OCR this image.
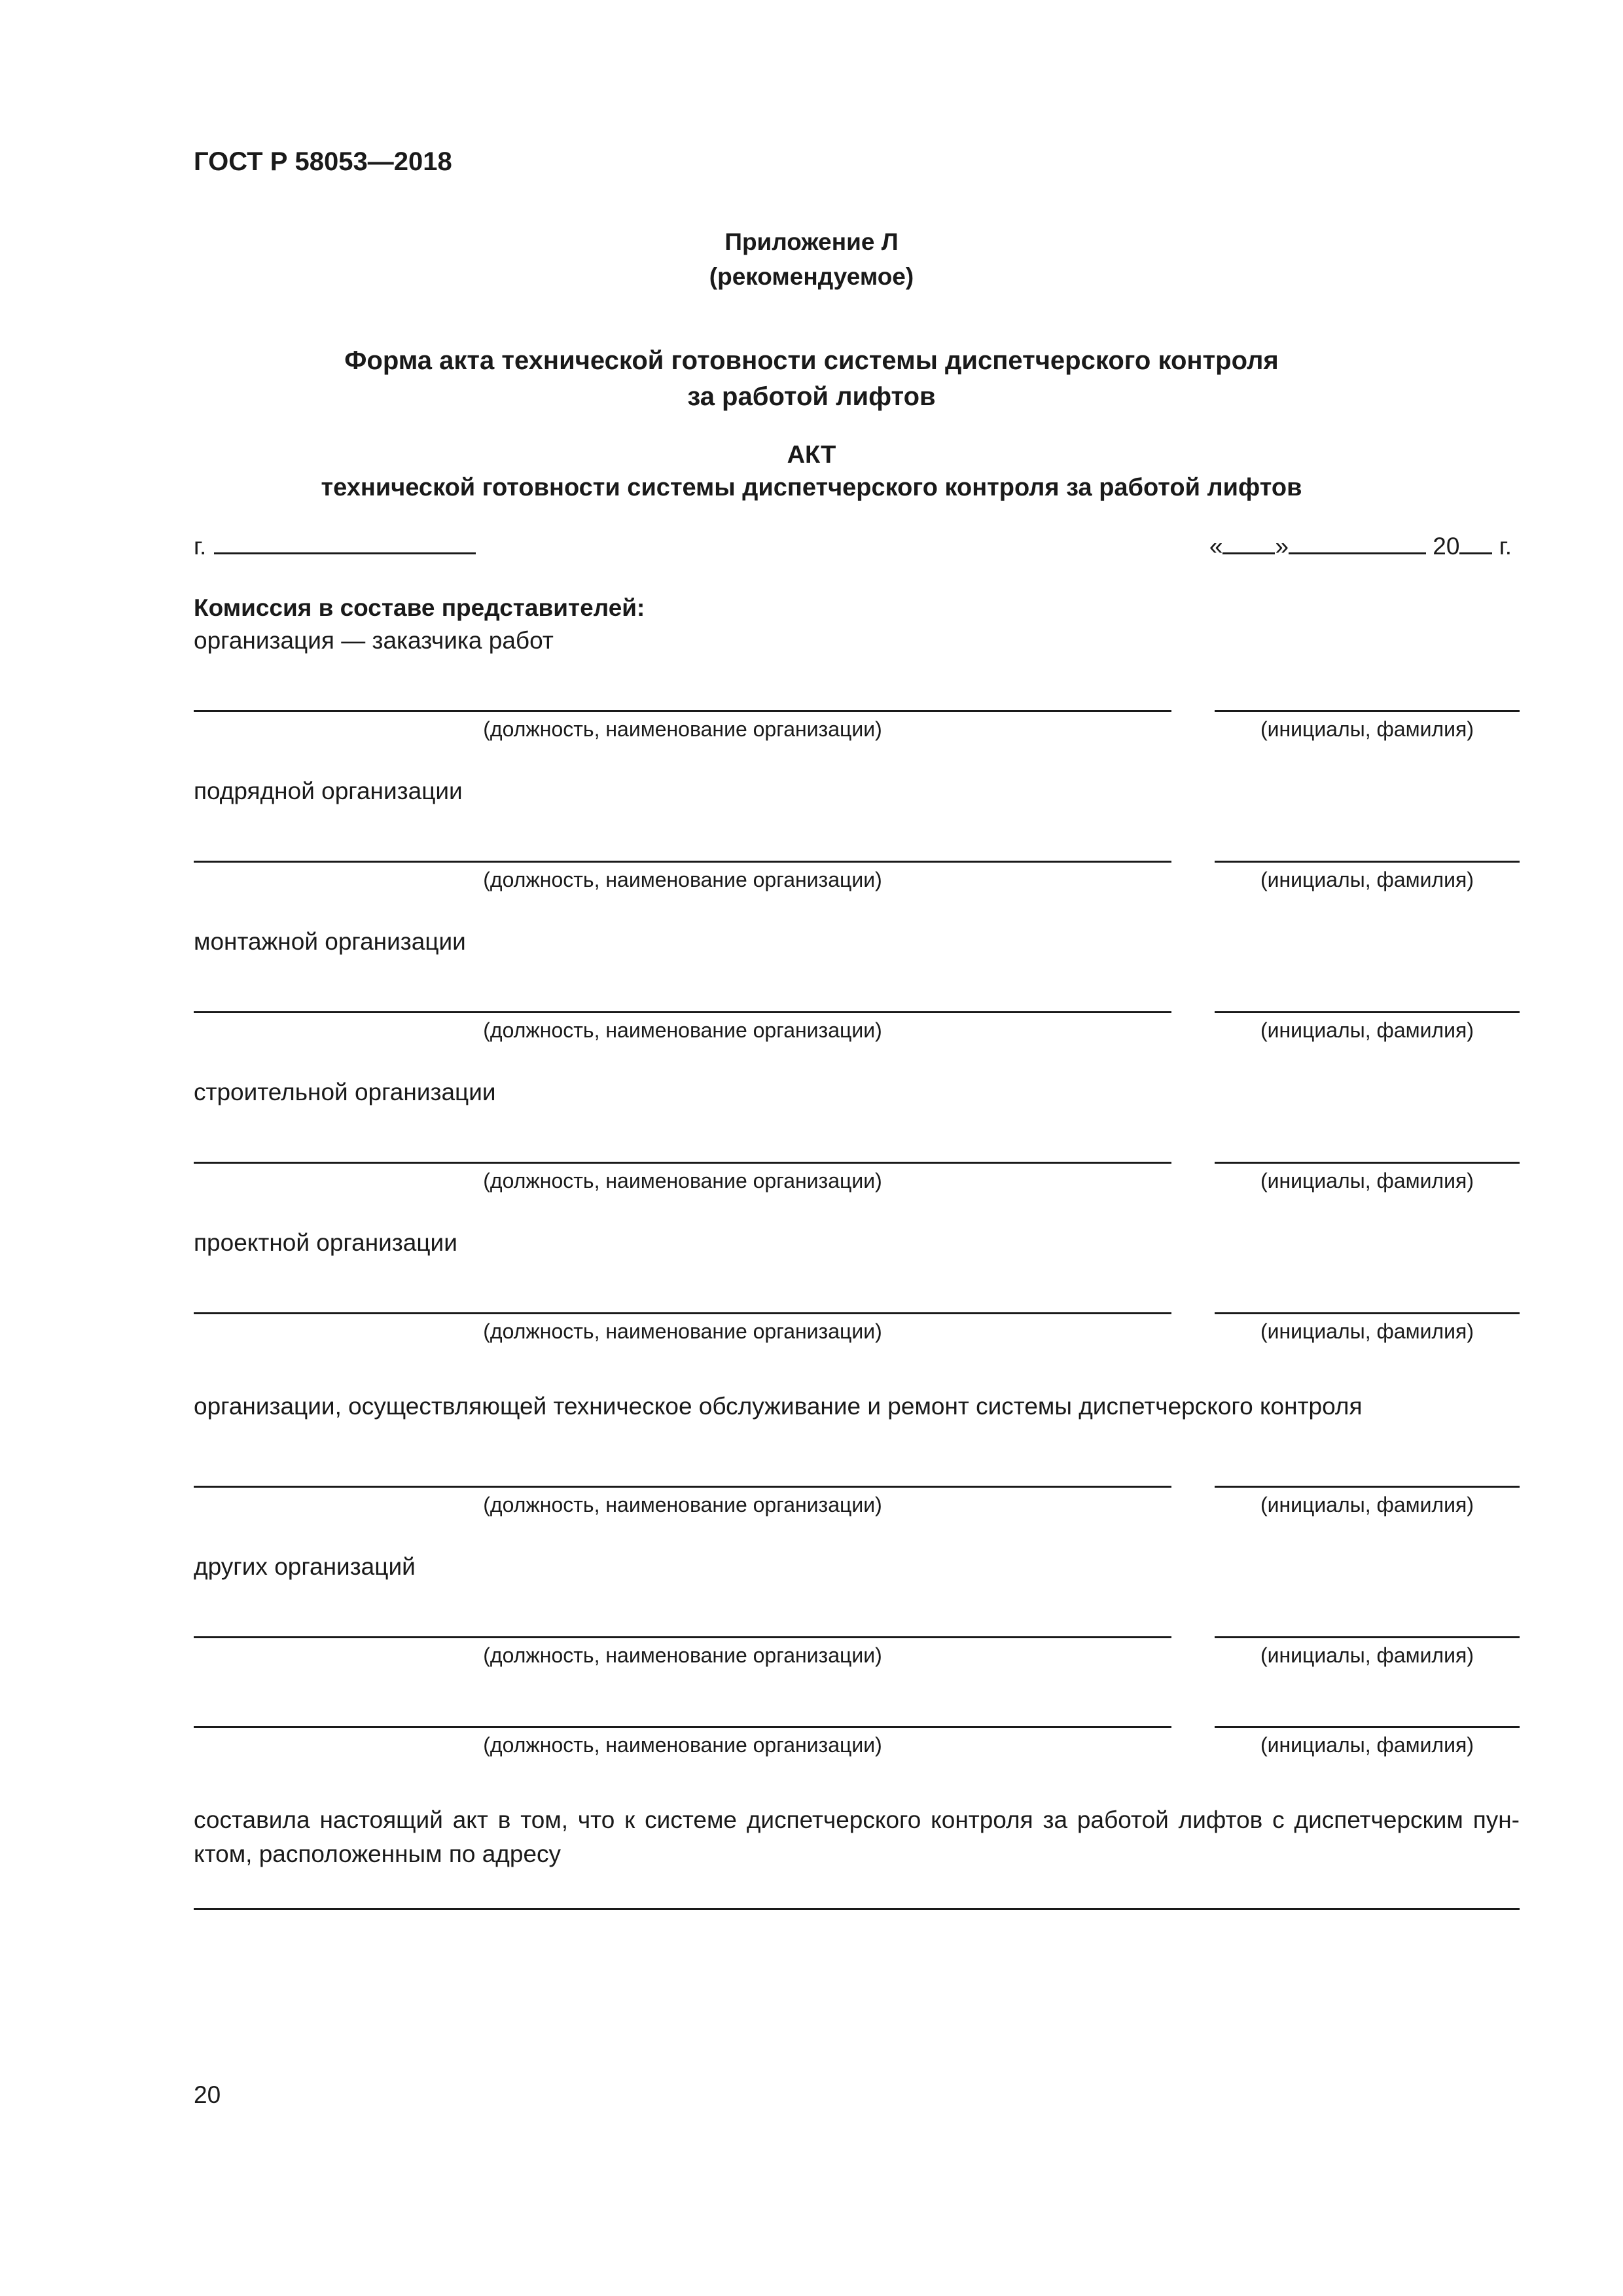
ГОСТ Р 58053—2018
Приложение Л
(рекомендуемое)
Форма акта технической готовности системы диспетчерского контроля
за работой лифтов
АКТ
технической готовности системы диспетчерского контроля за работой лифтов
г.	« »	20 г.
Комиссия в составе представителей:
организация — заказчика работ
(должность, наименование организации)	(инициалы, фамилия)
подрядной организации
(должность, наименование организации)	(инициалы, фамилия)
монтажной организации
(должность, наименование организации)	(инициалы, фамилия)
строительной организации
(должность, наименование организации)	(инициалы, фамилия)
проектной организации
(должность, наименование организации)	(инициалы, фамилия)
организации, осуществляющей техническое обслуживание и ремонт системы диспетчерского контроля
(должность, наименование организации)	(инициалы, фамилия)
других организаций
(должность, наименование организации)	(инициалы, фамилия)
(должность, наименование организации)	(инициалы, фамилия)
составила настоящий акт в том, что к системе диспетчерского контроля за работой лифтов с диспетчерским пунктом, расположенным по адресу
20
